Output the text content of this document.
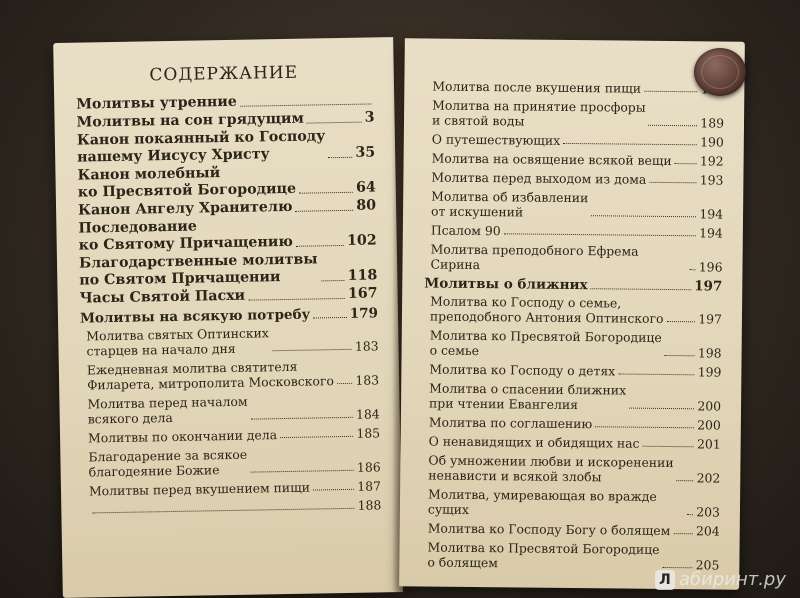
СОДЕРЖАНИЕ
Молитвы утренние
Молитвы на сон грядущим	3
Канон покаянный ко Господу
нашему Иисусу Христу	35
Канон молебный
ко Пресвятой Богородице	64
Канон Ангелу Хранителю	80
Последование
ко Святому Причащению	102
Благодарственные молитвы
по Святом Причащении	118
Часы Святой Пасхи	167
Молитвы на всякую потребу	179
Молитва святых Оптинских
старцев на начало дня	183
Ежедневная молитва святителя
Филарета, митрополита Московского 183
Молитва перед началом
всякого дела	184
Молитвы по окончании дела	185
Благодарение за всякое
благодеяние Божие	186
Молитвы перед вкушением пищи	187
188
Молитва после вкушения пищи
Молитва на принятие просфоры
и святой воды	189
О путешествующих	190
Молитва на освящение всякой вещи 192
Молитва перед выходом из дома	193
Молитва об избавлении
от искушений	194
Псалом 90	194
Молитва преподобного Ефрема Сирина	196
Молитвы о ближних	197
Молитва ко Господу о семье,
преподобного Антония Оптинского	197
Молитва ко Пресвятой Богородице
о семье	198
Молитва ко Господу о детях	199
Молитва о спасении ближних
при чтении Евангелия	200
Молитва по соглашению	200
О ненавидящих и обидящих нас	201
Об умножении любви и искоренении
ненависти и всякой злобы	202
Молитва, умиревающая во вражде сущих	203
Молитва ко Господу Богу о болящем 204
Молитва ко Пресвятой Богородице
о болящем	205
Л абиринт.ру
